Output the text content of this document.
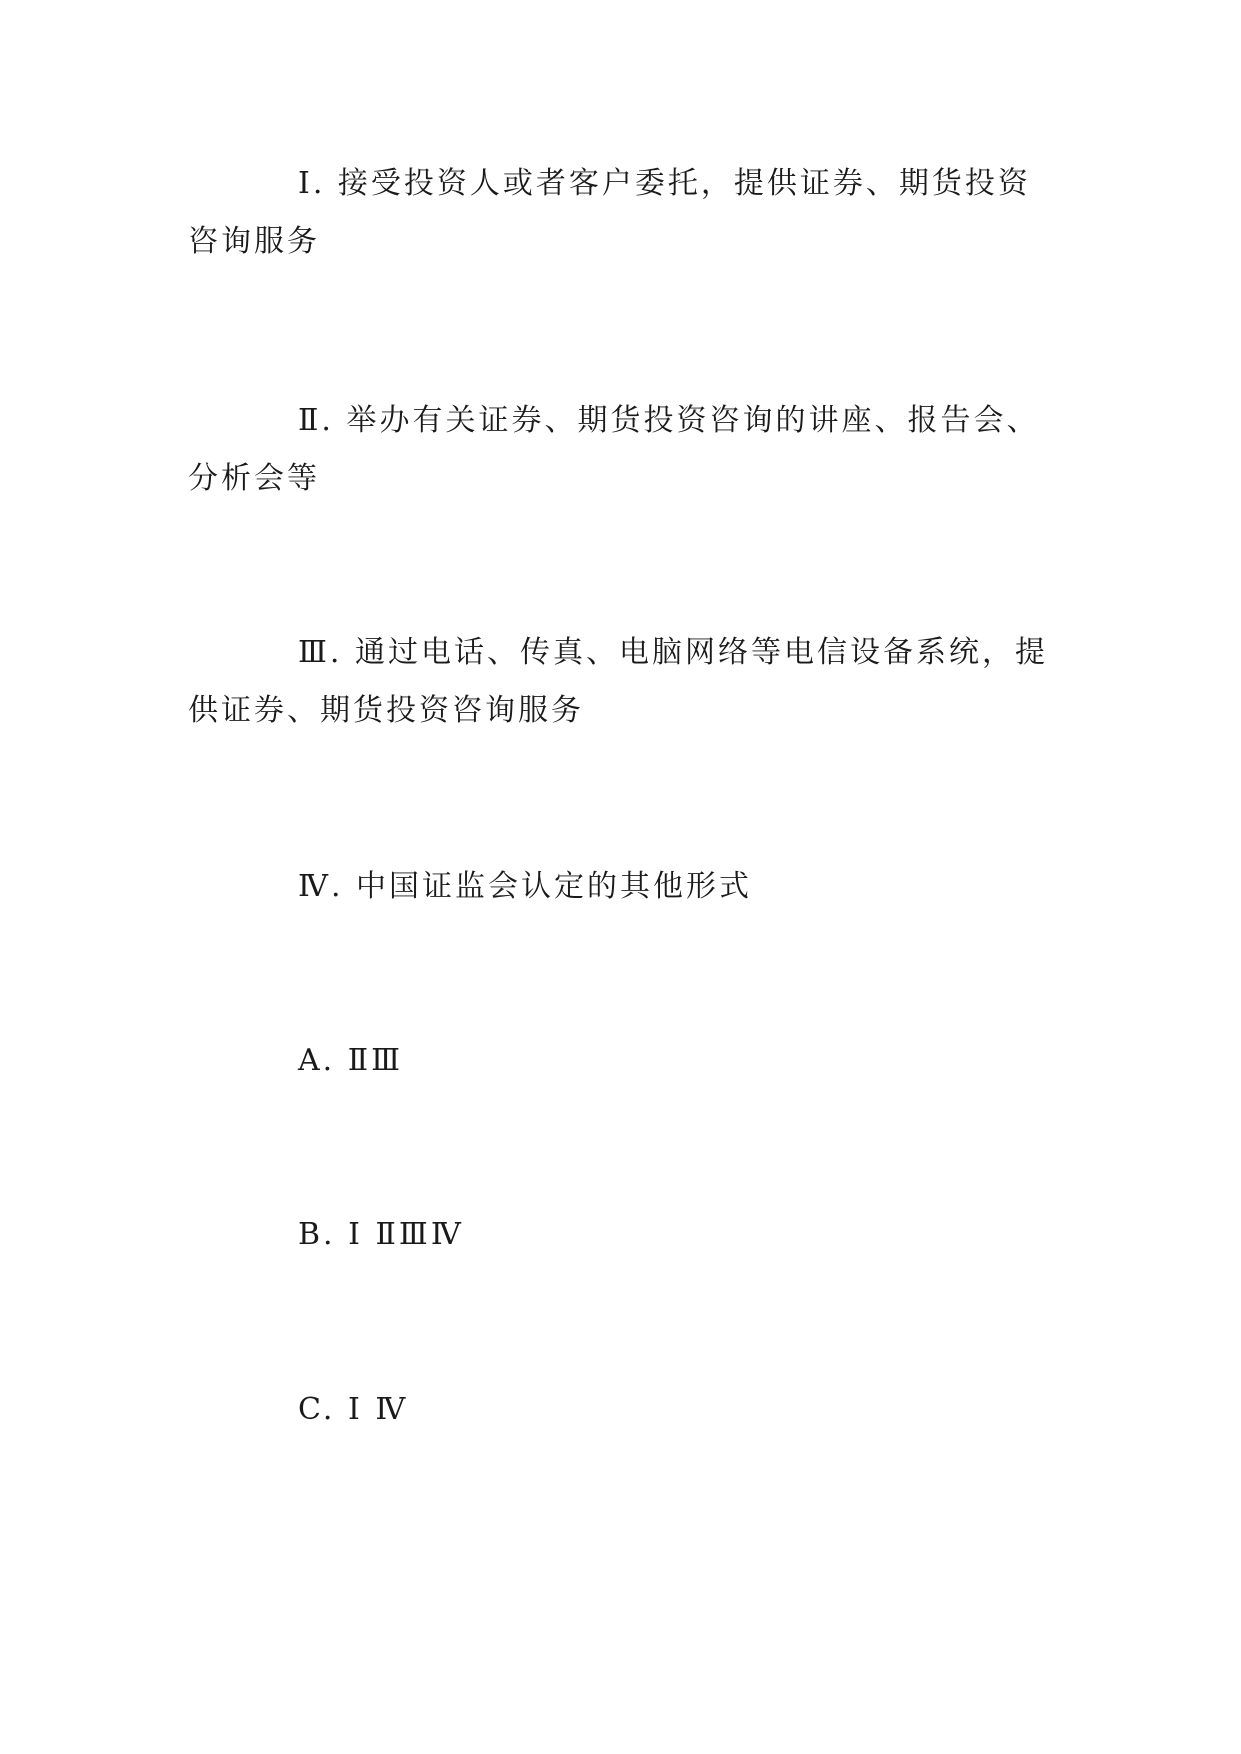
Ⅰ. 接受投资人或者客户委托，提供证券、期货投资咨询服务

Ⅱ. 举办有关证券、期货投资咨询的讲座、报告会、分析会等

Ⅲ. 通过电话、传真、电脑网络等电信设备系统，提供证券、期货投资咨询服务

Ⅳ. 中国证监会认定的其他形式

A. ⅡⅢ

B. Ⅰ ⅡⅢⅣ

C. Ⅰ Ⅳ
